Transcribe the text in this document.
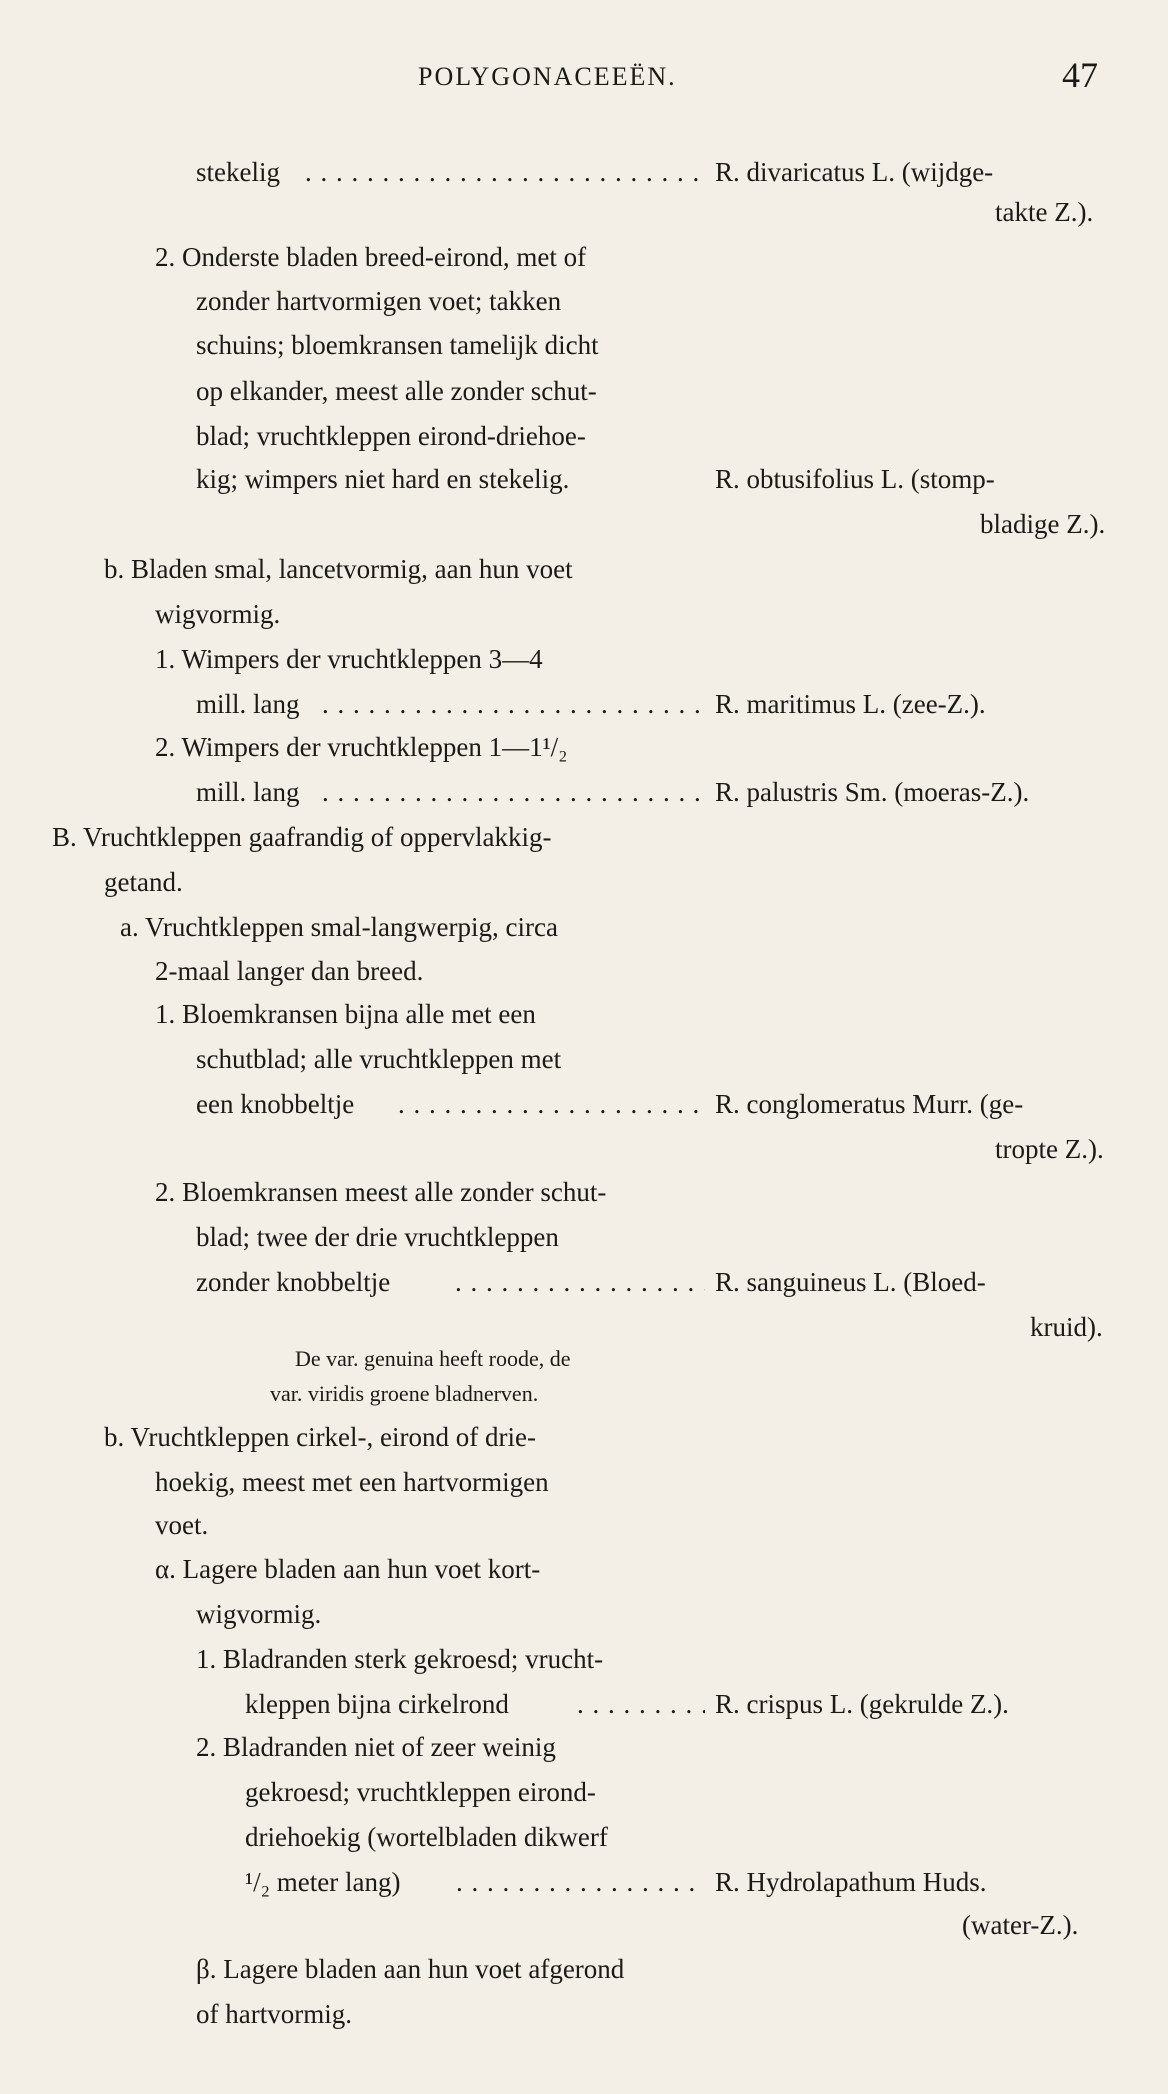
POLYGONACEEËN.	47
stekelig	R. divaricatus L. (wijdge-
takte Z.).
2. Onderste bladen breed-eirond, met of
zonder hartvormigen voet; takken
schuins; bloemkransen tamelijk dicht
op elkander, meest alle zonder schut-
blad; vruchtkleppen eirond-driehoe-
kig; wimpers niet hard en stekelig.	R. obtusifolius L. (stomp-
bladige Z.).
b. Bladen smal, lancetvormig, aan hun voet
wigvormig.
1. Wimpers der vruchtkleppen 3—4
mill. lang	R. maritimus L. (zee-Z.).
2. Wimpers der vruchtkleppen 1—1¹/₂
mill. lang	R. palustris Sm. (moeras-Z.).
B. Vruchtkleppen gaafrandig of oppervlakkig-
getand.
a. Vruchtkleppen smal-langwerpig, circa
2-maal langer dan breed.
1. Bloemkransen bijna alle met een
schutblad; alle vruchtkleppen met
een knobbeltje	R. conglomeratus Murr. (ge-
tropte Z.).
2. Bloemkransen meest alle zonder schut-
blad; twee der drie vruchtkleppen
zonder knobbeltje	R. sanguineus L. (Bloed-
kruid).
De var. genuina heeft roode, de
var. viridis groene bladnerven.
b. Vruchtkleppen cirkel-, eirond of drie-
hoekig, meest met een hartvormigen
voet.
α. Lagere bladen aan hun voet kort-
wigvormig.
1. Bladranden sterk gekroesd; vrucht-
kleppen bijna cirkelrond	R. crispus L. (gekrulde Z.).
2. Bladranden niet of zeer weinig
gekroesd; vruchtkleppen eirond-
driehoekig (wortelbladen dikwerf
¹/₂ meter lang)	R. Hydrolapathum Huds.
(water-Z.).
β. Lagere bladen aan hun voet afgerond
of hartvormig.
. . .
. . .
. . .
. . .
. . .
. . .
. . .
